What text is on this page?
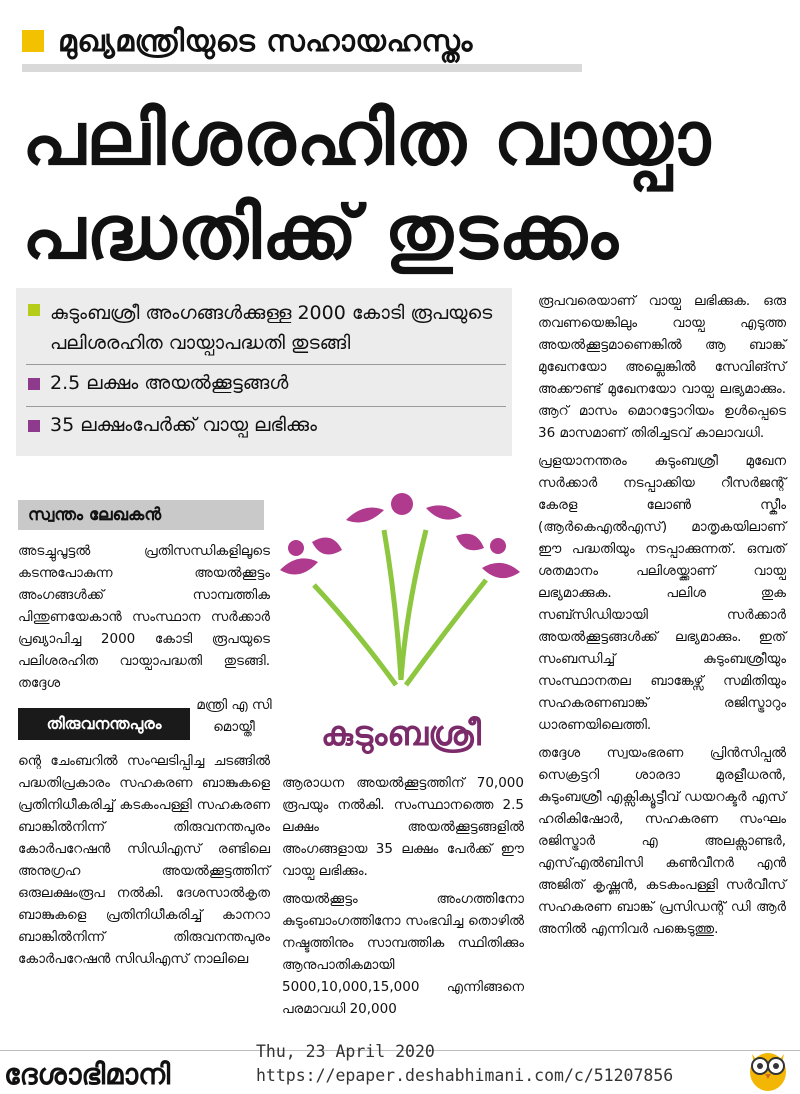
മുഖ്യമന്ത്രിയുടെ സഹായഹസ്തം
പലിശരഹിത വായ്പാ
പദ്ധതിക്ക് തുടക്കം
കുടുംബശ്രീ അംഗങ്ങൾക്കുള്ള 2000 കോടി രൂപയുടെ പലിശരഹിത വായ്പാപദ്ധതി തുടങ്ങി
2.5 ലക്ഷം അയൽക്കൂട്ടങ്ങൾ
35 ലക്ഷംപേർക്ക് വായ്പ ലഭിക്കും
സ്വന്തം ലേഖകൻ
അടച്ചുപൂട്ടൽ പ്രതിസന്ധികളിലൂടെ കടന്നുപോകുന്ന അയൽക്കൂട്ടം അംഗങ്ങൾക്ക് സാമ്പത്തിക പിന്തുണയേകാൻ സംസ്ഥാന സർക്കാർ പ്രഖ്യാപിച്ച 2000 കോടി രൂപയുടെ പലിശരഹിത വായ്പാപദ്ധതി തുടങ്ങി. തദ്ദേശ
തിരുവനന്തപുരം
മന്ത്രി എ സി മൊയ്തീ
ന്റെ ചേംബറിൽ സംഘടിപ്പിച്ച ചടങ്ങിൽ പദ്ധതിപ്രകാരം സഹകരണ ബാങ്കുകളെ പ്രതിനിധീകരിച്ച് കടകംപള്ളി സഹകരണ ബാങ്കിൽനിന്ന് തിരുവനന്തപുരം കോർപറേഷൻ സിഡിഎസ് രണ്ടിലെ അനുഗ്രഹ അയൽക്കൂട്ടത്തിന് ഒരുലക്ഷംരൂപ നൽകി. ദേശസാൽകൃത ബാങ്കുകളെ പ്രതിനിധീകരിച്ച് കാനറാ ബാങ്കിൽനിന്ന് തിരുവനന്തപുരം കോർപറേഷൻ സിഡിഎസ് നാലിലെ
കുടുംബശ്രീ

ആരാധന അയൽക്കൂട്ടത്തിന് 70,000 രൂപയും നൽകി. സംസ്ഥാനത്തെ 2.5 ലക്ഷം അയൽക്കൂട്ടങ്ങളിൽ അംഗങ്ങളായ 35 ലക്ഷം പേർക്ക് ഈ വായ്പ ലഭിക്കും.

അയൽക്കൂട്ടം അംഗത്തിനോ കുടുംബാംഗത്തിനോ സംഭവിച്ച തൊഴിൽ നഷ്ടത്തിനും സാമ്പത്തിക സ്ഥിതിക്കും ആനുപാതികമായി 5000,10,000,15,000 എന്നിങ്ങനെ പരമാവധി 20,000

രൂപവരെയാണ് വായ്പ ലഭിക്കുക. ഒരു തവണയെങ്കിലും വായ്പ എടുത്ത അയൽക്കൂട്ടമാണെങ്കിൽ ആ ബാങ്ക് മുഖേനയോ അല്ലെങ്കിൽ സേവിങ്സ് അക്കൗണ്ട് മുഖേനയോ വായ്പ ലഭ്യമാക്കും. ആറ് മാസം മൊറട്ടോറിയം ഉൾപ്പെടെ 36 മാസമാണ് തിരിച്ചടവ് കാലാവധി.

പ്രളയാനന്തരം കുടുംബശ്രീ മുഖേന സർക്കാർ നടപ്പാക്കിയ റീസർജന്റ് കേരള ലോൺ സ്കീം (ആർകെഎൽഎസ്) മാതൃകയിലാണ് ഈ പദ്ധതിയും നടപ്പാക്കുന്നത്. ഒമ്പത് ശതമാനം പലിശയ്ക്കാണ് വായ്പ ലഭ്യമാക്കുക. പലിശ തുക സബ്സിഡിയായി സർക്കാർ അയൽക്കൂട്ടങ്ങൾക്ക് ലഭ്യമാക്കും. ഇത് സംബന്ധിച്ച് കുടുംബശ്രീയും സംസ്ഥാനതല ബാങ്കേഴ്സ് സമിതിയും സഹകരണബാങ്ക് രജിസ്ട്രാറും ധാരണയിലെത്തി.

തദ്ദേശ സ്വയംഭരണ പ്രിൻസിപ്പൽ സെക്രട്ടറി ശാരദാ മുരളീധരൻ, കുടുംബശ്രീ എക്സിക്യൂട്ടീവ് ഡയറക്ടർ എസ് ഹരികിഷോർ, സഹകരണ സംഘം രജിസ്ട്രാർ എ അലക്സാണ്ടർ, എസ്എൽബിസി കൺവീനർ എൻ അജിത് കൃഷ്ണൻ, കടകംപള്ളി സർവീസ് സഹകരണ ബാങ്ക് പ്രസിഡന്റ് ഡി ആർ അനിൽ എന്നിവർ പങ്കെടുത്തു.

ദേശാഭിമാനി
Thu, 23 April 2020
https://epaper.deshabhimani.com/c/51207856
